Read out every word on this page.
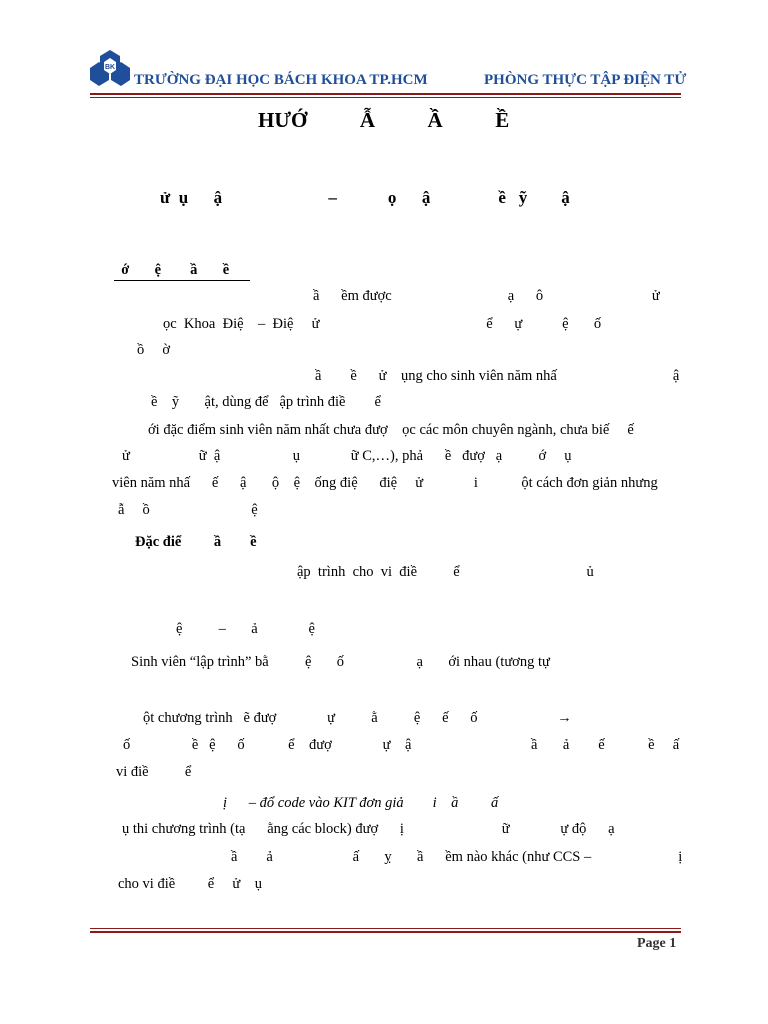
BK
TRƯỜNG ĐẠI HỌC BÁCH KHOA TP.HCM	PHÒNG THỰC TẬP ĐIỆN TỬ
HƯỚ          Ẫ          Ầ          Ề
ử  ụ      ậ                         –            ọ      ậ                ề   ỹ        ậ
ớ       ệ        ầ       ề
ầ      ềm được                                ạ      ô                              ử
ọc  Khoa  Điệ    –  Điệ     ử                                              ể      ự           ệ       ố
ồ     ờ
ầ        ề      ử    ụng cho sinh viên năm nhấ                                ậ
ề    ỹ       ật, dùng để   ập trình điề        ể
ới đặc điểm sinh viên năm nhất chưa đượ    ọc các môn chuyên ngành, chưa biế     ế
ử                   ữ  ậ                    ụ              ữ C,…), phả      ề   đượ   ạ          ớ     ụ
viên năm nhấ      ế      ậ       ộ    ệ    ống điệ      điệ     ử              i            ột cách đơn giản nhưng
ẫ     ồ                            ệ
Đặc điể         ầ        ề
ập  trình  cho  vi  điề          ể                                   ủ
ệ          –       ả              ệ
Sinh viên “lập trình” bằ          ệ       ố                    ạ       ới nhau (tương tự
ột chương trình   ẽ đượ              ự          ằ          ệ      ế      ố                      →
ố                 ề   ệ      ố            ể    đượ              ự    ậ                                 ầ       ả        ế            ề     ấ
vi điề          ể
ị      – đổ code vào KIT đơn giả        i    ầ         ấ
ụ thi chương trình (tạ      ằng các block) đượ      ị                           ữ              ự độ      ạ
ầ        ả                      ấ       ỵ       ầ      ềm nào khác (như CCS –                        ị
cho vi điề         ể     ử    ụ
Page 1
